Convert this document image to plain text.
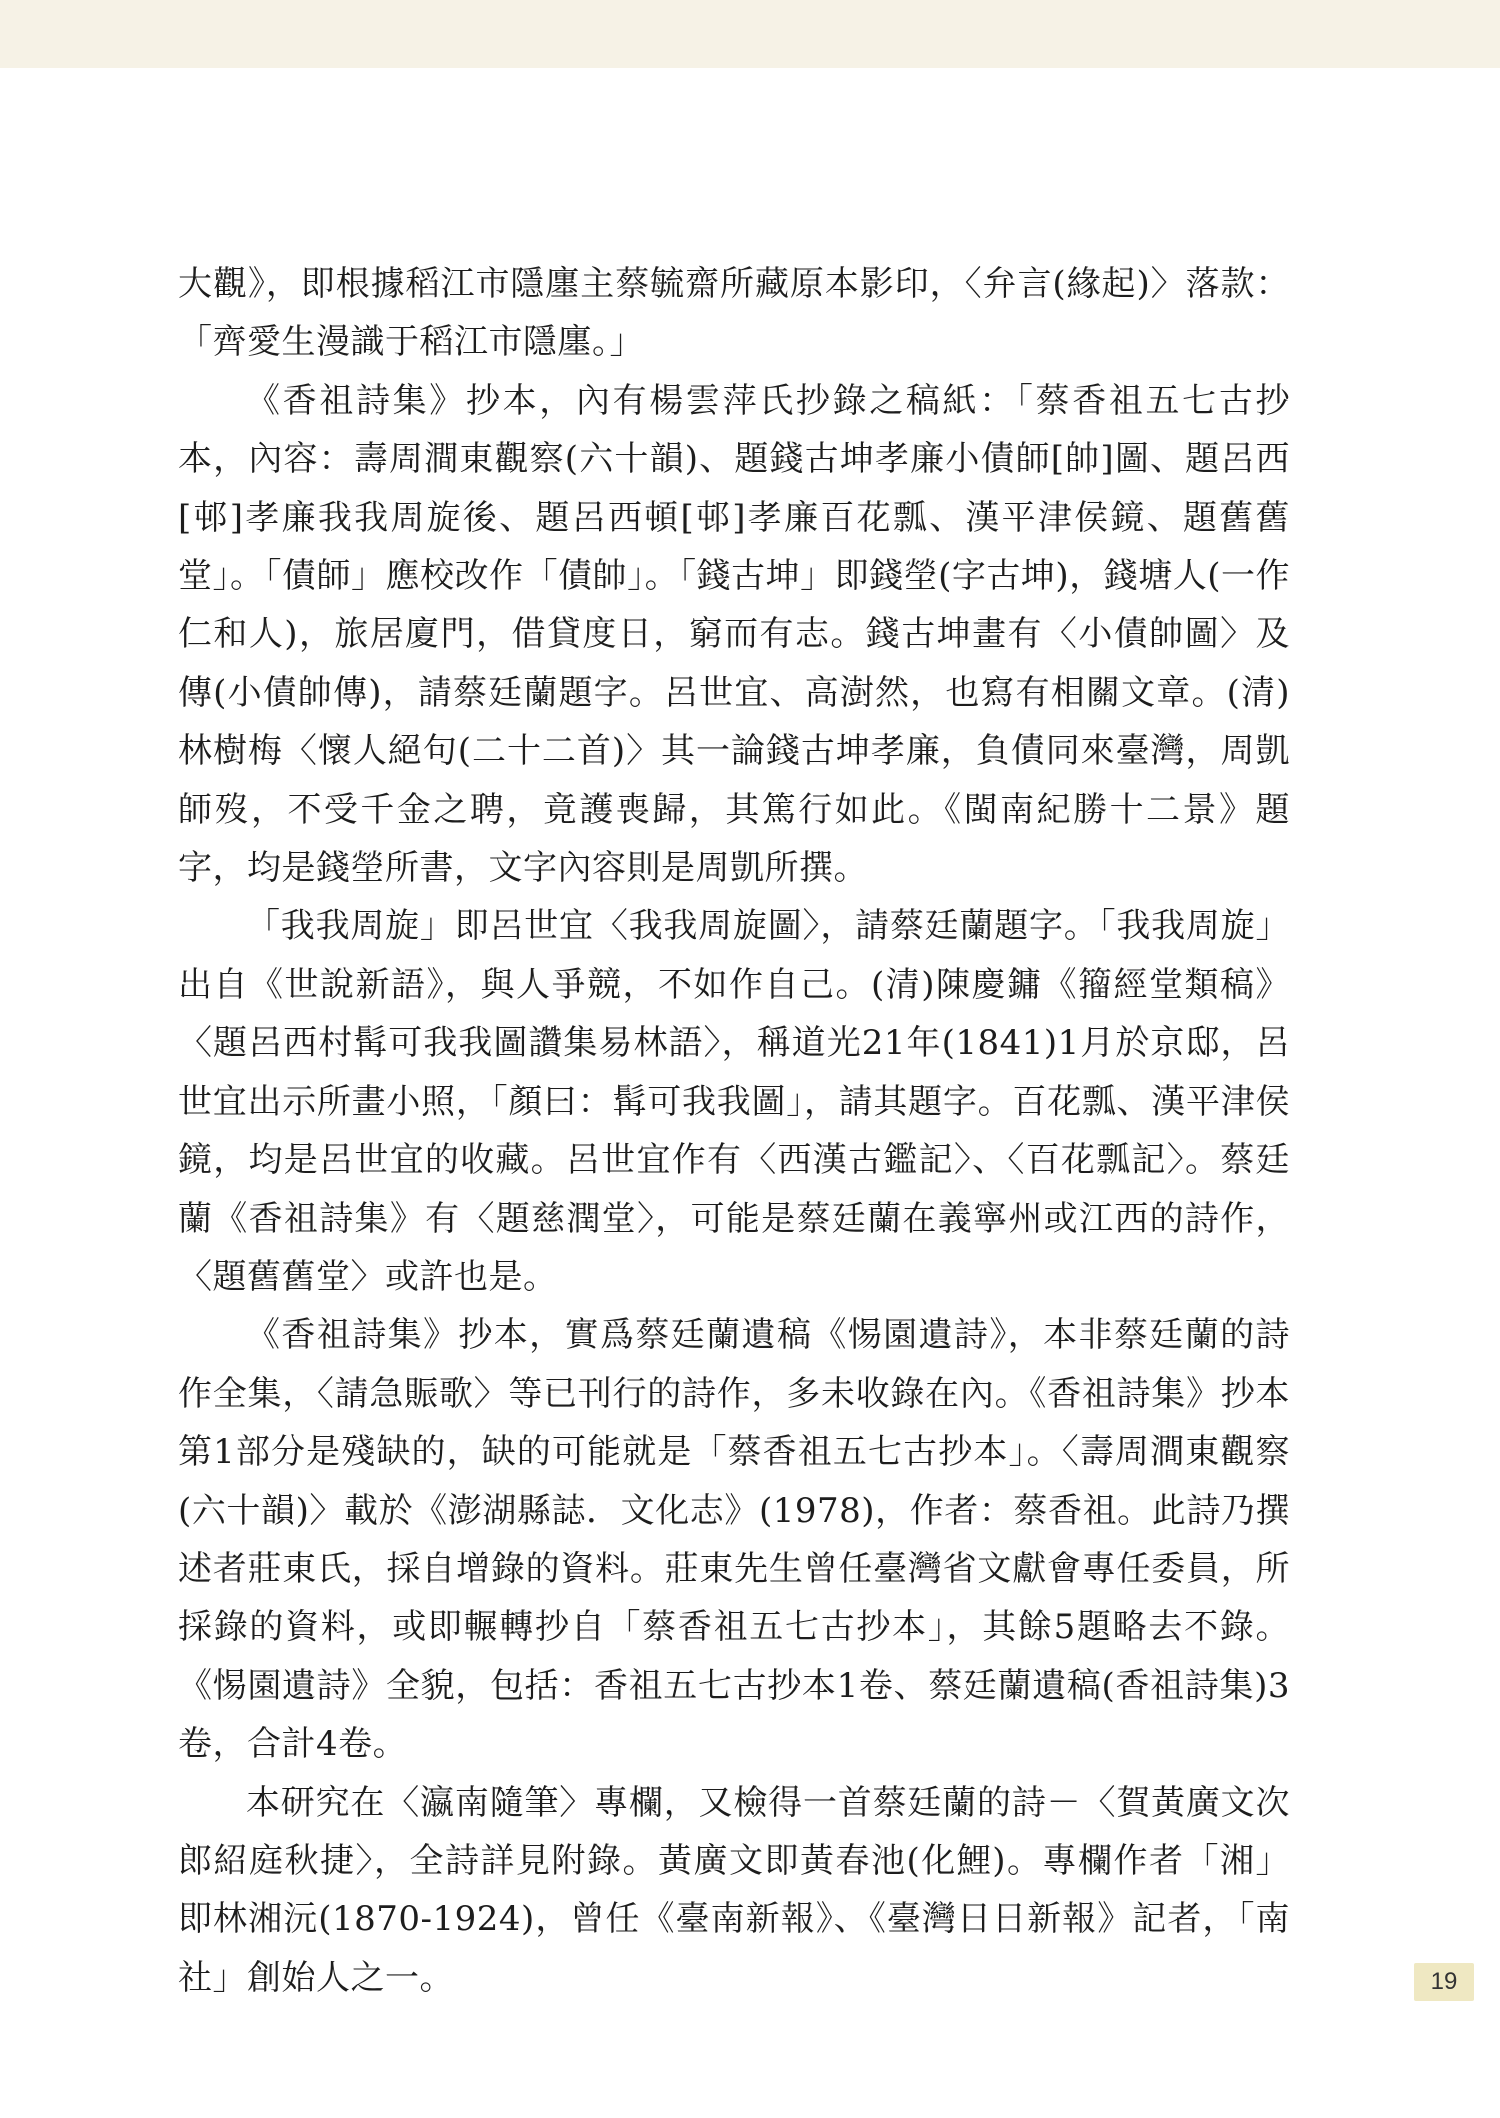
大觀》，即根據稻江市隱廛主蔡毓齋所藏原本影印，〈弁言(緣起)〉落款：「齊愛生漫識于稻江市隱廛。」

《香祖詩集》抄本，內有楊雲萍氏抄錄之稿紙：「蔡香祖五七古抄本，內容：壽周澗東觀察(六十韻)、題錢古坤孝廉小債師[帥]圖、題呂西[邨]孝廉我我周旋後、題呂西頓[邨]孝廉百花瓢、漢平津侯鏡、題舊舊堂」。「債師」應校改作「債帥」。「錢古坤」即錢塋(字古坤)，錢塘人(一作仁和人)，旅居廈門，借貸度日，窮而有志。錢古坤畫有〈小債帥圖〉及傳(小債帥傳)，請蔡廷蘭題字。呂世宜、高澍然，也寫有相關文章。(清)林樹梅〈懷人絕句(二十二首)〉其一論錢古坤孝廉，負債同來臺灣，周凱師歿，不受千金之聘，竟護喪歸，其篤行如此。《閩南紀勝十二景》題字，均是錢塋所書，文字內容則是周凱所撰。

「我我周旋」即呂世宜〈我我周旋圖〉，請蔡廷蘭題字。「我我周旋」出自《世說新語》，與人爭競，不如作自己。(清)陳慶鏞《籀經堂類稿》〈題呂西村髯可我我圖讚集易林語〉，稱道光21年(1841)1月於京邸，呂世宜出示所畫小照，「顏曰：髯可我我圖」，請其題字。百花瓢、漢平津侯鏡，均是呂世宜的收藏。呂世宜作有〈西漢古鑑記〉、〈百花瓢記〉。蔡廷蘭《香祖詩集》有〈題慈潤堂〉，可能是蔡廷蘭在義寧州或江西的詩作，〈題舊舊堂〉或許也是。

《香祖詩集》抄本，實爲蔡廷蘭遺稿《惕園遺詩》，本非蔡廷蘭的詩作全集，〈請急賑歌〉等已刊行的詩作，多未收錄在內。《香祖詩集》抄本第1部分是殘缺的，缺的可能就是「蔡香祖五七古抄本」。〈壽周澗東觀察(六十韻)〉載於《澎湖縣誌．文化志》(1978)，作者：蔡香祖。此詩乃撰述者莊東氏，採自增錄的資料。莊東先生曾任臺灣省文獻會專任委員，所採錄的資料，或即輾轉抄自「蔡香祖五七古抄本」，其餘5題略去不錄。《惕園遺詩》全貌，包括：香祖五七古抄本1卷、蔡廷蘭遺稿(香祖詩集)3卷，合計4卷。

本研究在〈瀛南隨筆〉專欄，又檢得一首蔡廷蘭的詩－〈賀黃廣文次郎紹庭秋捷〉，全詩詳見附錄。黃廣文即黃春池(化鯉)。專欄作者「湘」即林湘沅(1870-1924)，曾任《臺南新報》、《臺灣日日新報》記者，「南社」創始人之一。	19
